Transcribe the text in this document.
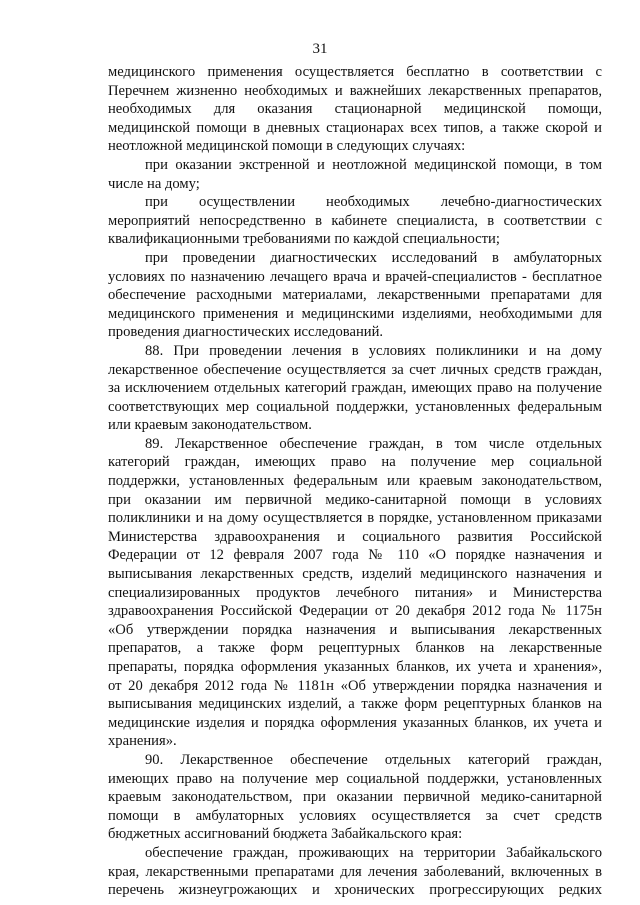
31
медицинского применения осуществляется бесплатно в соответствии с
Перечнем жизненно необходимых и важнейших лекарственных препаратов,
необходимых для оказания стационарной медицинской помощи,
медицинской помощи в дневных стационарах всех типов, а также скорой и
неотложной медицинской помощи в следующих случаях:
при оказании экстренной и неотложной медицинской помощи, в том
числе на дому;
при осуществлении необходимых лечебно-диагностических
мероприятий непосредственно в кабинете специалиста, в соответствии с
квалификационными требованиями по каждой специальности;
при проведении диагностических исследований в амбулаторных
условиях по назначению лечащего врача и врачей-специалистов - бесплатное
обеспечение расходными материалами, лекарственными препаратами для
медицинского применения и медицинскими изделиями, необходимыми для
проведения диагностических исследований.
88. При проведении лечения в условиях поликлиники и на дому
лекарственное обеспечение осуществляется за счет личных средств граждан,
за исключением отдельных категорий граждан, имеющих право на получение
соответствующих мер социальной поддержки, установленных федеральным
или краевым законодательством.
89. Лекарственное обеспечение граждан, в том числе отдельных
категорий граждан, имеющих право на получение мер социальной
поддержки, установленных федеральным или краевым законодательством,
при оказании им первичной медико-санитарной помощи в условиях
поликлиники и на дому осуществляется в порядке, установленном приказами
Министерства здравоохранения и социального развития Российской
Федерации от 12 февраля 2007 года № 110 «О порядке назначения и
выписывания лекарственных средств, изделий медицинского назначения и
специализированных продуктов лечебного питания» и Министерства
здравоохранения Российской Федерации от 20 декабря 2012 года № 1175н
«Об утверждении порядка назначения и выписывания лекарственных
препаратов, а также форм рецептурных бланков на лекарственные
препараты, порядка оформления указанных бланков, их учета и хранения»,
от 20 декабря 2012 года № 1181н «Об утверждении порядка назначения и
выписывания медицинских изделий, а также форм рецептурных бланков на
медицинские изделия и порядка оформления указанных бланков, их учета и
хранения».
90. Лекарственное обеспечение отдельных категорий граждан,
имеющих право на получение мер социальной поддержки, установленных
краевым законодательством, при оказании первичной медико-санитарной
помощи в амбулаторных условиях осуществляется за счет средств
бюджетных ассигнований бюджета Забайкальского края:
обеспечение граждан, проживающих на территории Забайкальского
края, лекарственными препаратами для лечения заболеваний, включенных в
перечень жизнеугрожающих и хронических прогрессирующих редких
